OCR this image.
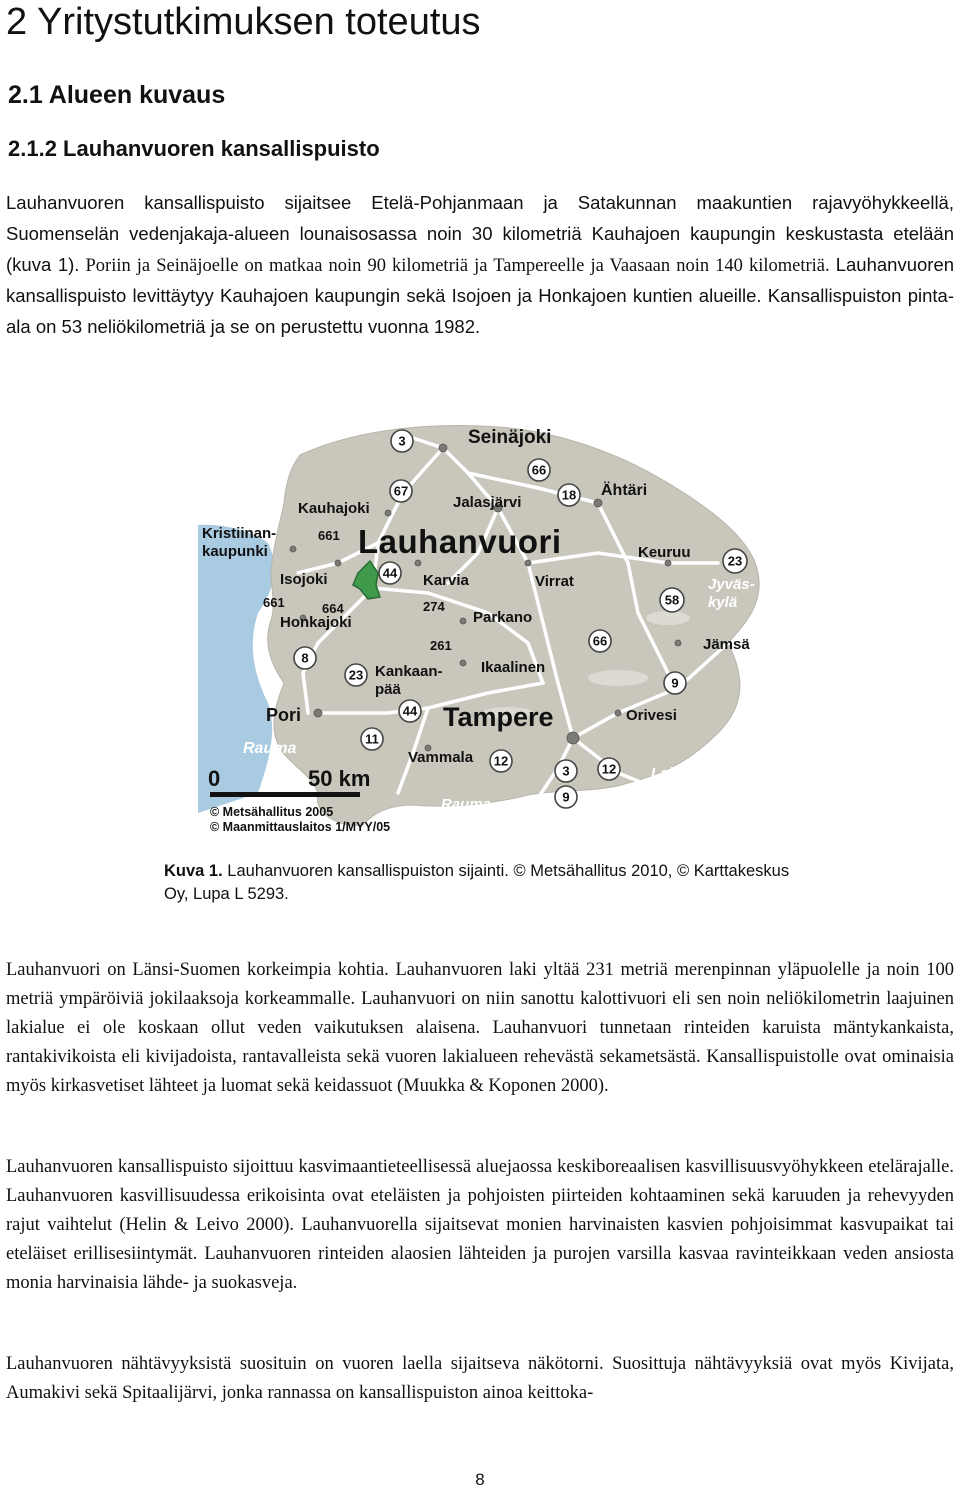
2 Yritystutkimuksen toteutus
2.1 Alueen kuvaus
2.1.2 Lauhanvuoren kansallispuisto

Lauhanvuoren kansallispuisto sijaitsee Etelä-Pohjanmaan ja Satakunnan maakuntien rajavyöhykkeellä, Suomenselän vedenjakaja-alueen lounaisosassa noin 30 kilometriä Kauhajoen kaupungin keskustasta etelään (kuva 1). Poriin ja Seinäjoelle on matkaa noin 90 kilometriä ja Tampereelle ja Vaasaan noin 140 kilometriä. Lauhanvuoren kansallispuisto levittäytyy Kauhajoen kaupungin sekä Isojoen ja Honkajoen kuntien alueille. Kansallispuiston pinta-ala on 53 neliökilometriä ja se on perustettu vuonna 1982.

Lauhanvuori
Vaasa	Seinäjoki
Kauhajoki	Jalasjärvi
Ähtäri
Kristiinan-
kaupunki
Isojoki	Karvia	Virrat
Keuruu
Jyväs-
kylä
Honkajoki	Parkano
Jämsä
Kankaan-
pää
Ikaalinen
Pori	Tampere	Orivesi
Rauma
Vammala
Lahti
Rauma	Helsinki
Turku
3
66
67	18
661
23
44
58
661	664	274
66
8
261
23
9
44
11
12
3 12
9
0	50 km
© Metsähallitus 2005
© Maanmittauslaitos 1/MYY/05

Kuva 1. Lauhanvuoren kansallispuiston sijainti. © Metsähallitus 2010, © Karttakeskus Oy, Lupa L 5293.

Lauhanvuori on Länsi-Suomen korkeimpia kohtia. Lauhanvuoren laki yltää 231 metriä merenpinnan yläpuolelle ja noin 100 metriä ympäröiviä jokilaaksoja korkeammalle. Lauhanvuori on niin sanottu kalottivuori eli sen noin neliökilometrin laajuinen lakialue ei ole koskaan ollut veden vaikutuksen alaisena. Lauhanvuori tunnetaan rinteiden karuista mäntykankaista, rantakivikoista eli kivijadoista, rantavalleista sekä vuoren lakialueen rehevästä sekametsästä. Kansallispuistolle ovat ominaisia myös kirkasvetiset lähteet ja luomat sekä keidassuot (Muukka & Koponen 2000).

Lauhanvuoren kansallispuisto sijoittuu kasvimaantieteellisessä aluejaossa keskiboreaalisen kasvillisuusvyöhykkeen etelärajalle. Lauhanvuoren kasvillisuudessa erikoisinta ovat eteläisten ja pohjoisten piirteiden kohtaaminen sekä karuuden ja rehevyyden rajut vaihtelut (Helin & Leivo 2000). Lauhanvuorella sijaitsevat monien harvinaisten kasvien pohjoisimmat kasvupaikat tai eteläiset erillisesiintymät. Lauhanvuoren rinteiden alaosien lähteiden ja purojen varsilla kasvaa ravinteikkaan veden ansiosta monia harvinaisia lähde- ja suokasveja.

Lauhanvuoren nähtävyyksistä suosituin on vuoren laella sijaitseva näkötorni. Suosittuja nähtävyyksiä ovat myös Kivijata, Aumakivi sekä Spitaalijärvi, jonka rannassa on kansallispuiston ainoa keittoka-

8
